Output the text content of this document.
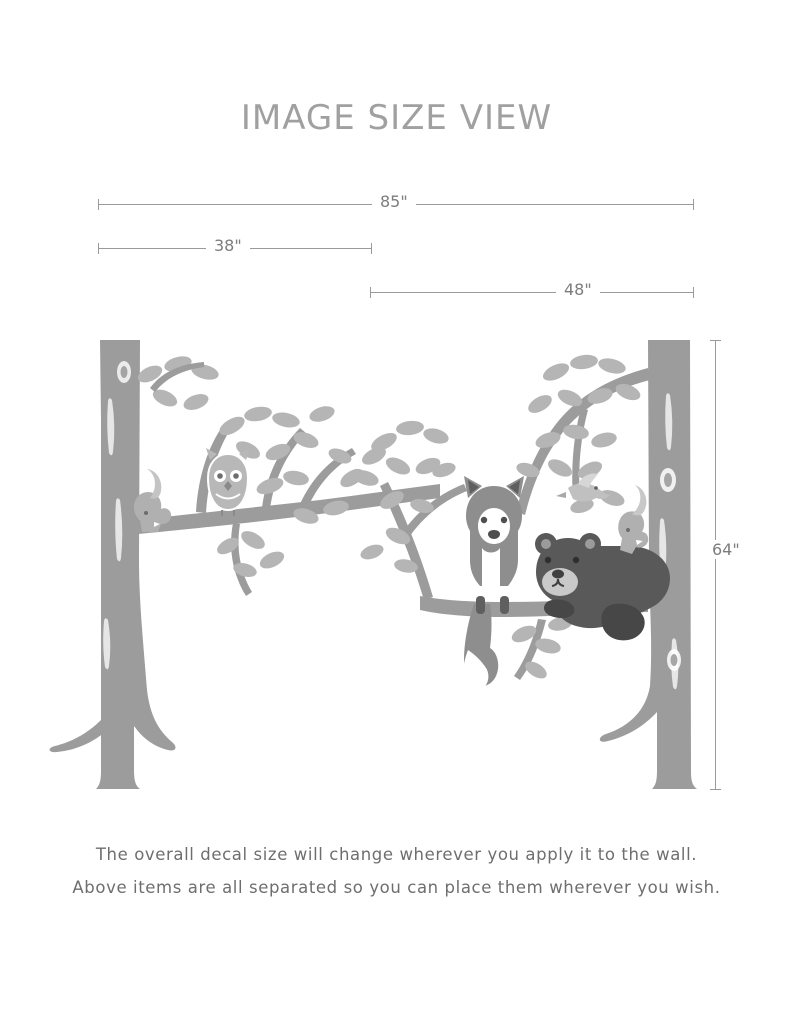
IMAGE SIZE VIEW
85"
38"
48"
64"
The overall decal size will change wherever you apply it to the wall.
Above items are all separated so you can place them wherever you wish.
